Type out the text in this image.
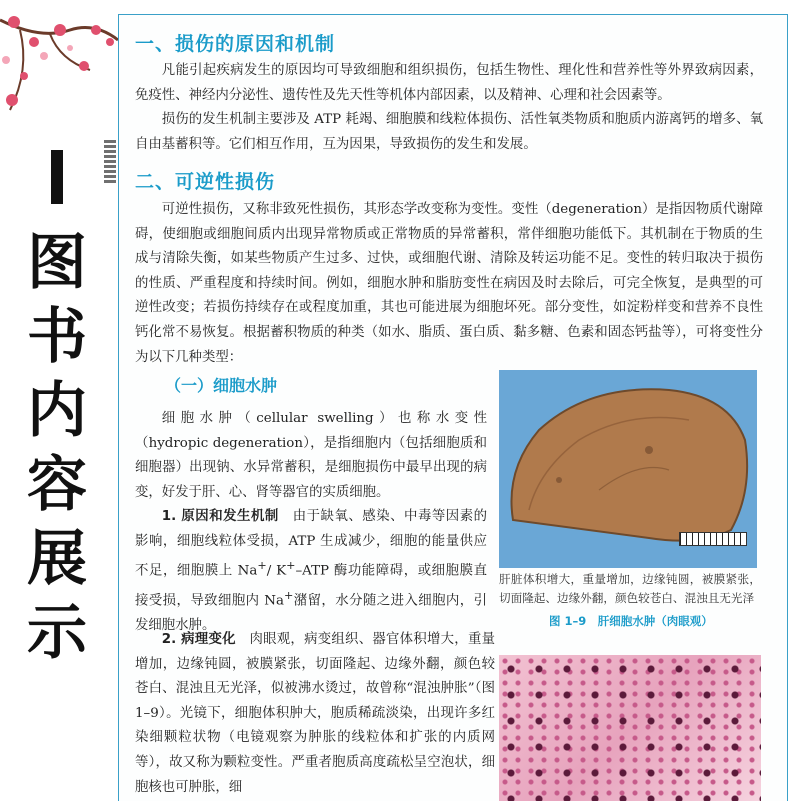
图
书
内
容
展
示
一、损伤的原因和机制

凡能引起疾病发生的原因均可导致细胞和组织损伤，包括生物性、理化性和营养性等外界致病因素，免疫性、神经内分泌性、遗传性及先天性等机体内部因素，以及精神、心理和社会因素等。

损伤的发生机制主要涉及 ATP 耗竭、细胞膜和线粒体损伤、活性氧类物质和胞质内游离钙的增多、氧自由基蓄积等。它们相互作用，互为因果，导致损伤的发生和发展。

二、可逆性损伤

可逆性损伤，又称非致死性损伤，其形态学改变称为变性。变性（degeneration）是指因物质代谢障碍，使细胞或细胞间质内出现异常物质或正常物质的异常蓄积，常伴细胞功能低下。其机制在于物质的生成与清除失衡，如某些物质产生过多、过快，或细胞代谢、清除及转运功能不足。变性的转归取决于损伤的性质、严重程度和持续时间。例如，细胞水肿和脂肪变性在病因及时去除后，可完全恢复，是典型的可逆性改变；若损伤持续存在或程度加重，其也可能进展为细胞坏死。部分变性，如淀粉样变和营养不良性钙化常不易恢复。根据蓄积物质的种类（如水、脂质、蛋白质、黏多糖、色素和固态钙盐等），可将变性分为以下几种类型：

（一）细胞水肿

细胞水肿（cellular swelling）也称水变性（hydropic degeneration），是指细胞内（包括细胞质和细胞器）出现钠、水异常蓄积，是细胞损伤中最早出现的病变，好发于肝、心、肾等器官的实质细胞。

1. 原因和发生机制　 由于缺氧、感染、中毒等因素的影响，细胞线粒体受损，ATP 生成减少，细胞的能量供应不足，细胞膜上 Na+/ K+–ATP 酶功能障碍，或细胞膜直接受损，导致细胞内 Na+潴留，水分随之进入细胞内，引发细胞水肿。

2. 病理变化　 肉眼观，病变组织、器官体积增大，重量增加，边缘钝圆，被膜紧张，切面隆起、边缘外翻，颜色较苍白、混浊且无光泽，似被沸水烫过，故曾称“混浊肿胀”（图 1–9）。光镜下，细胞体积肿大，胞质稀疏淡染，出现许多红染细颗粒状物（电镜观察为肿胀的线粒体和扩张的内质网等），故又称为颗粒变性。严重者胞质高度疏松呈空泡状，细胞核也可肿胀，细

肝脏体积增大，重量增加，边缘钝圆，被膜紧张，切面隆起、边缘外翻，颜色较苍白、混浊且无光泽
图 1–9　肝细胞水肿（肉眼观）
